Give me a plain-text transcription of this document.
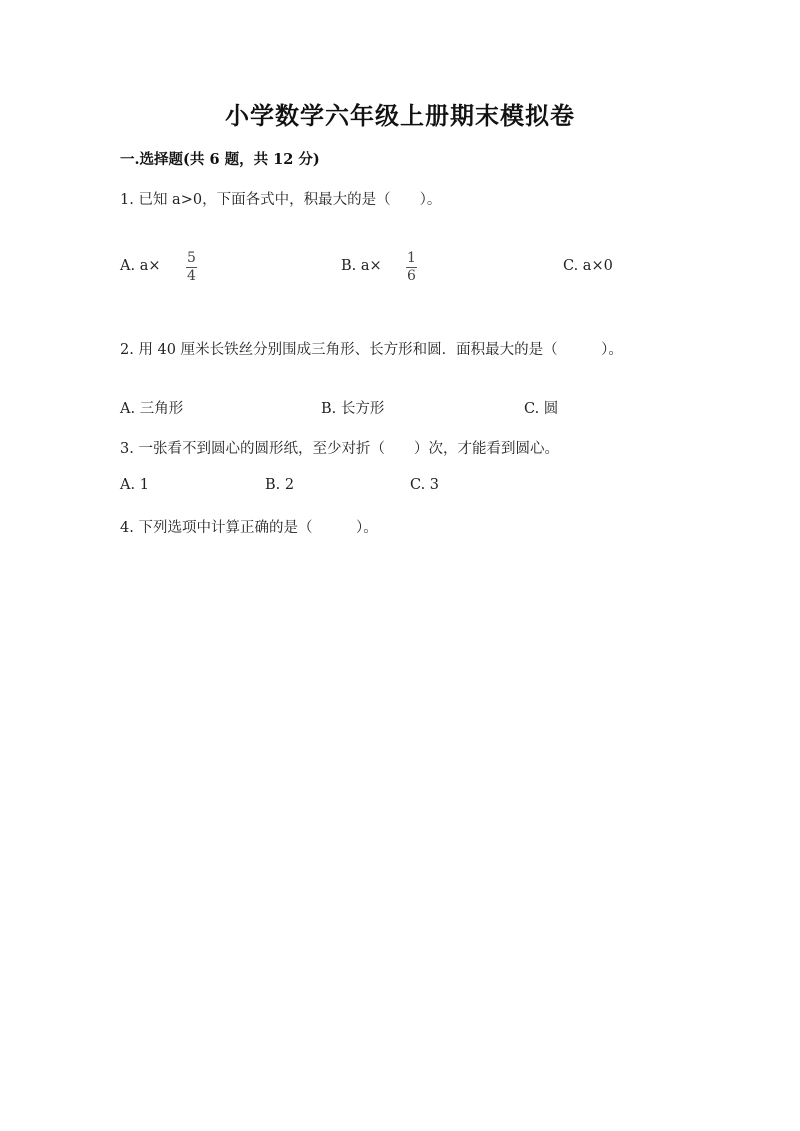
小学数学六年级上册期末模拟卷
一.选择题(共 6 题，共 12 分)
1. 已知 a>0，下面各式中，积最大的是（　　）。
A. a× 5
4
B. a× 1
6
C. a×0
2. 用 40 厘米长铁丝分别围成三角形、长方形和圆．面积最大的是（　　　）。
A. 三角形	B. 长方形	C. 圆
3. 一张看不到圆心的圆形纸，至少对折（　　）次，才能看到圆心。
A. 1	B. 2	C. 3
4. 下列选项中计算正确的是（　　　）。
